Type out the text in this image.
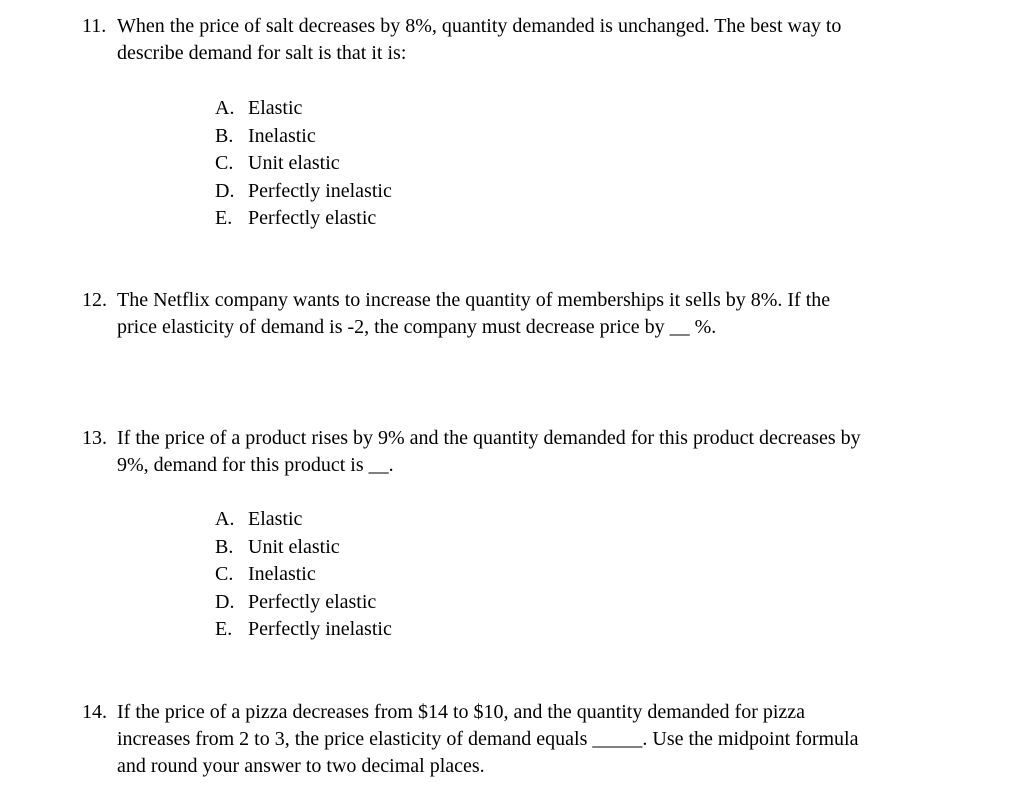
11. When the price of salt decreases by 8%, quantity demanded is unchanged. The best way to
describe demand for salt is that it is:
A. Elastic
B. Inelastic
C. Unit elastic
D. Perfectly inelastic
E. Perfectly elastic
12. The Netflix company wants to increase the quantity of memberships it sells by 8%. If the
price elasticity of demand is -2, the company must decrease price by __ %.
13. If the price of a product rises by 9% and the quantity demanded for this product decreases by
9%, demand for this product is __.
A. Elastic
B. Unit elastic
C. Inelastic
D. Perfectly elastic
E. Perfectly inelastic
14. If the price of a pizza decreases from $14 to $10, and the quantity demanded for pizza
increases from 2 to 3, the price elasticity of demand equals _____. Use the midpoint formula
and round your answer to two decimal places.
